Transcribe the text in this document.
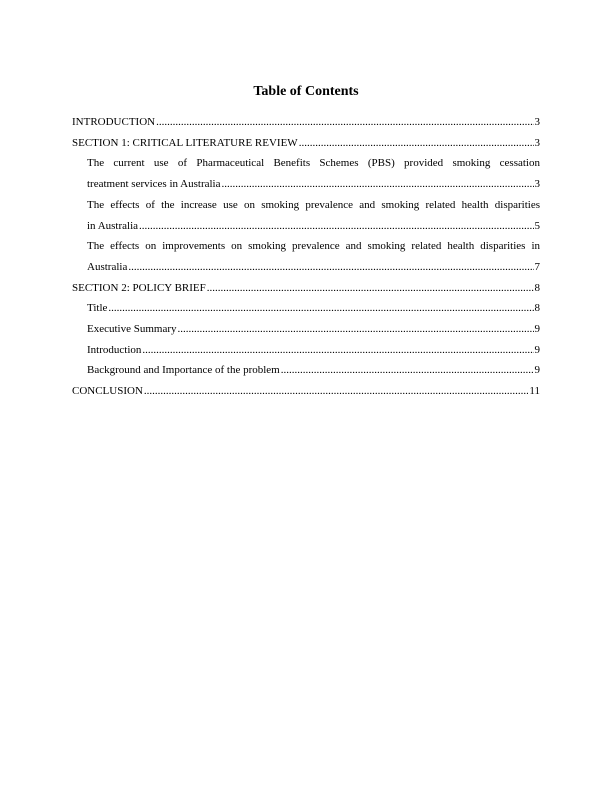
Table of Contents
INTRODUCTION .....	3
SECTION 1: CRITICAL LITERATURE REVIEW .....	3
The current use of Pharmaceutical Benefits Schemes (PBS) provided smoking cessation
treatment services in Australia .....	3
The effects of the increase use on smoking prevalence and smoking related health disparities
in Australia .....	5
The effects on improvements on smoking prevalence and smoking related health disparities in
Australia .....	7
SECTION 2: POLICY BRIEF .....	8
Title .....	8
Executive Summary .....	9
Introduction .....	9
Background and Importance of the problem .....	9
CONCLUSION .....	11
